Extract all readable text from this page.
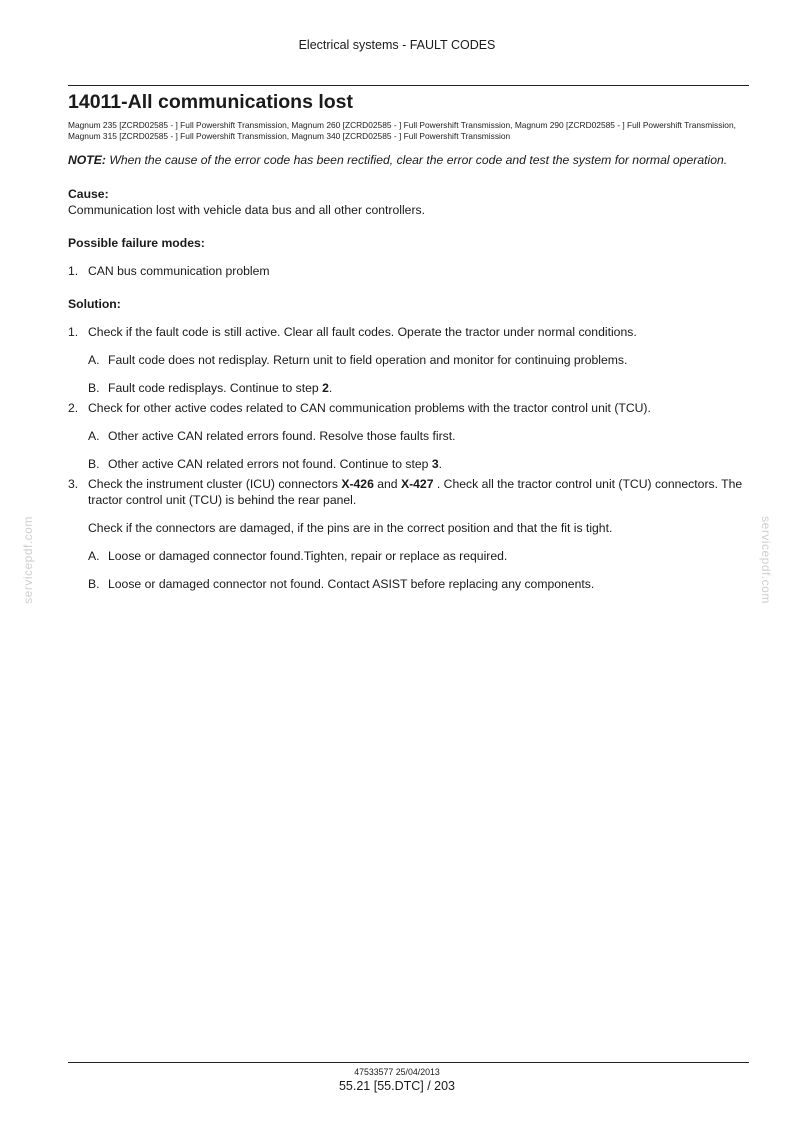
Electrical systems - FAULT CODES
14011-All communications lost
Magnum 235 [ZCRD02585 - ] Full Powershift Transmission, Magnum 260 [ZCRD02585 - ] Full Powershift Transmission, Magnum 290 [ZCRD02585 - ] Full Powershift Transmission, Magnum 315 [ZCRD02585 - ] Full Powershift Transmission, Magnum 340 [ZCRD02585 - ] Full Powershift Transmission
NOTE: When the cause of the error code has been rectified, clear the error code and test the system for normal operation.
Cause:
Communication lost with vehicle data bus and all other controllers.
Possible failure modes:
1. CAN bus communication problem
Solution:
1. Check if the fault code is still active. Clear all fault codes. Operate the tractor under normal conditions.
A. Fault code does not redisplay. Return unit to field operation and monitor for continuing problems.
B. Fault code redisplays. Continue to step 2.
2. Check for other active codes related to CAN communication problems with the tractor control unit (TCU).
A. Other active CAN related errors found. Resolve those faults first.
B. Other active CAN related errors not found. Continue to step 3.
3. Check the instrument cluster (ICU) connectors X-426 and X-427 . Check all the tractor control unit (TCU) connectors. The tractor control unit (TCU) is behind the rear panel.
Check if the connectors are damaged, if the pins are in the correct position and that the fit is tight.
A. Loose or damaged connector found.Tighten, repair or replace as required.
B. Loose or damaged connector not found. Contact ASIST before replacing any components.
servicepdf.com	servicepdf.com
47533577 25/04/2013
55.21 [55.DTC] / 203
